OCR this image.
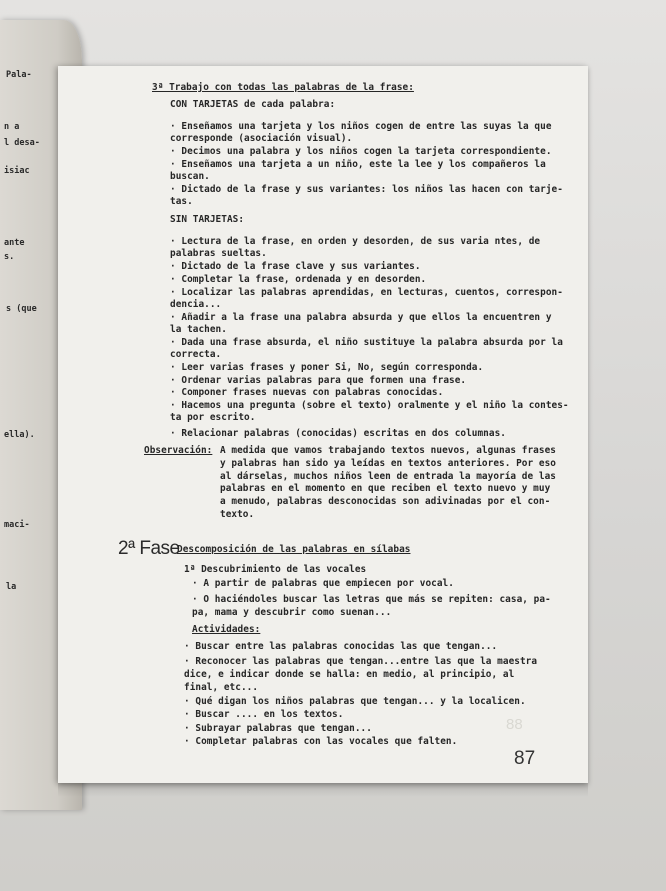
Pala-
n a
l desa-
isiac
ante
s.
s (que
ella).
maci-
la
3ª Trabajo con todas las palabras de la frase:
CON TARJETAS de cada palabra:
· Enseñamos una tarjeta y los niños cogen de entre las suyas la que
corresponde (asociación visual).
· Decimos una palabra y los niños cogen la tarjeta correspondiente.
· Enseñamos una tarjeta a un niño, este la lee y los compañeros la
buscan.
· Dictado de la frase y sus variantes: los niños las hacen con tarje-
tas.
SIN TARJETAS:
· Lectura de la frase, en orden y desorden, de sus varia ntes, de
palabras sueltas.
· Dictado de la frase clave y sus variantes.
· Completar la frase, ordenada y en desorden.
· Localizar las palabras aprendidas, en lecturas, cuentos, correspon-
dencia...
· Añadir a la frase una palabra absurda y que ellos la encuentren y
la tachen.
· Dada una frase absurda, el niño sustituye la palabra absurda por la
correcta.
· Leer varias frases y poner Si, No, según corresponda.
· Ordenar varias palabras para que formen una frase.
· Componer frases nuevas con palabras conocidas.
· Hacemos una pregunta (sobre el texto) oralmente y el niño la contes-
ta por escrito.
· Relacionar palabras (conocidas) escritas en dos columnas.
Observación: A medida que vamos trabajando textos nuevos, algunas frases
y palabras han sido ya leídas en textos anteriores. Por eso
al dárselas, muchos niños leen de entrada la mayoría de las
palabras en el momento en que reciben el texto nuevo y muy
a menudo, palabras desconocidas son adivinadas por el con-
texto.
2ª Fase
Descomposición de las palabras en sílabas
1ª Descubrimiento de las vocales
· A partir de palabras que empiecen por vocal.
· O haciéndoles buscar las letras que más se repiten: casa, pa-
pa, mama y descubrir como suenan...
Actividades:
· Buscar entre las palabras conocidas las que tengan...
· Reconocer las palabras que tengan...entre las que la maestra
dice, e indicar donde se halla: en medio, al principio, al
final, etc...
· Qué digan los niños palabras que tengan... y la localicen.
· Buscar .... en los textos.
· Subrayar palabras que tengan...
· Completar palabras con las vocales que falten.
88
87
